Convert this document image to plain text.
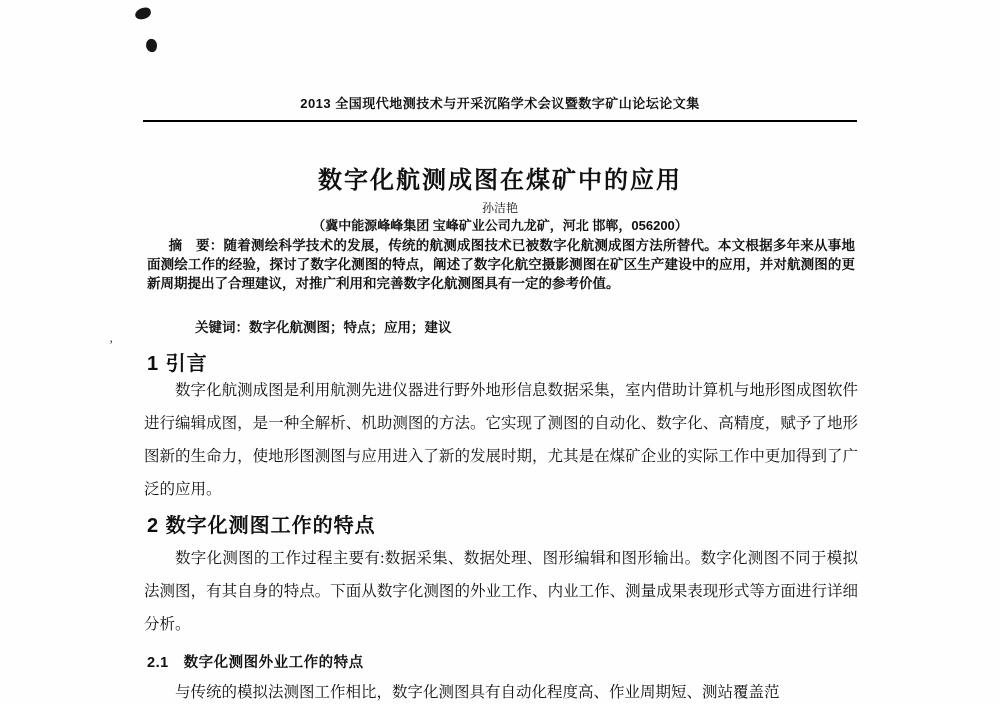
’
2013 全国现代地测技术与开采沉陷学术会议暨数字矿山论坛论文集
数字化航测成图在煤矿中的应用
孙洁艳
（冀中能源峰峰集团 宝峰矿业公司九龙矿，河北 邯郸，056200）

摘　要：随着测绘科学技术的发展，传统的航测成图技术已被数字化航测成图方法所替代。本文根据多年来从事地面测绘工作的经验，探讨了数字化测图的特点，阐述了数字化航空摄影测图在矿区生产建设中的应用，并对航测图的更新周期提出了合理建议，对推广利用和完善数字化航测图具有一定的参考价值。

关键词：数字化航测图；特点；应用；建议

1 引言

数字化航测成图是利用航测先进仪器进行野外地形信息数据采集，室内借助计算机与地形图成图软件进行编辑成图，是一种全解析、机助测图的方法。它实现了测图的自动化、数字化、高精度，赋予了地形图新的生命力，使地形图测图与应用进入了新的发展时期，尤其是在煤矿企业的实际工作中更加得到了广泛的应用。

2 数字化测图工作的特点

数字化测图的工作过程主要有:数据采集、数据处理、图形编辑和图形输出。数字化测图不同于模拟法测图，有其自身的特点。下面从数字化测图的外业工作、内业工作、测量成果表现形式等方面进行详细分析。

2.1　数字化测图外业工作的特点

与传统的模拟法测图工作相比，数字化测图具有自动化程度高、作业周期短、测站覆盖范
